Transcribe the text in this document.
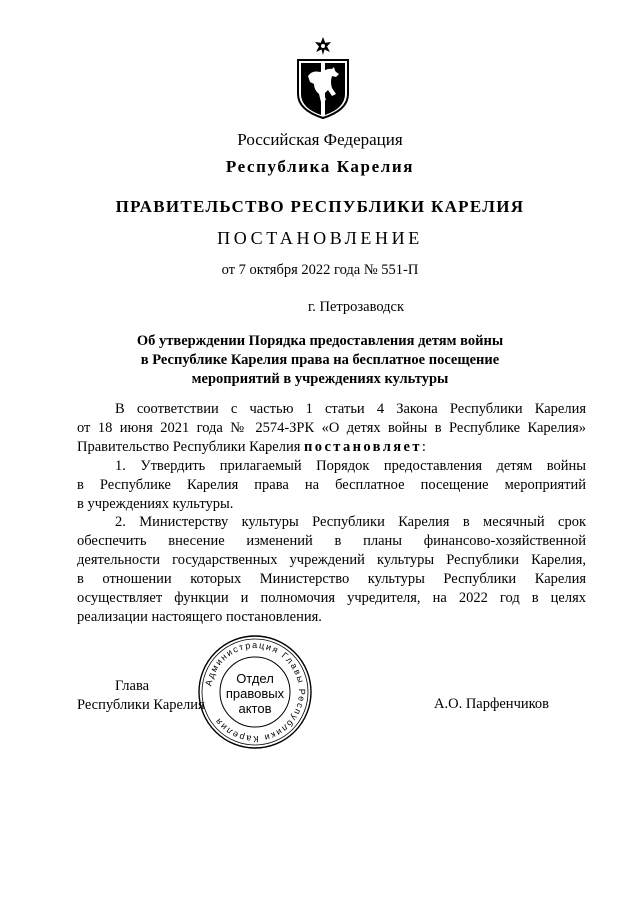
Российская Федерация
Республика Карелия
ПРАВИТЕЛЬСТВО РЕСПУБЛИКИ КАРЕЛИЯ
ПОСТАНОВЛЕНИЕ
от 7 октября 2022 года № 551-П
г. Петрозаводск
Об утверждении Порядка предоставления детям войны
в Республике Карелия права на бесплатное посещение
мероприятий в учреждениях культуры
В соответствии с частью 1 статьи 4 Закона Республики Карелия
от 18 июня 2021 года № 2574-ЗРК «О детях войны в Республике Карелия»
Правительство Республики Карелия постановляет:
1. Утвердить прилагаемый Порядок предоставления детям войны
в Республике Карелия права на бесплатное посещение мероприятий
в учреждениях культуры.
2. Министерству культуры Республики Карелия в месячный срок
обеспечить внесение изменений в планы финансово-хозяйственной
деятельности государственных учреждений культуры Республики Карелия,
в отношении которых Министерство культуры Республики Карелия
осуществляет функции и полномочия учредителя, на 2022 год в целях
реализации настоящего постановления.
Глава
Республики Карелия	А.О. Парфенчиков
Администрация Главы Республики Карелия
Отдел
правовых
актов
